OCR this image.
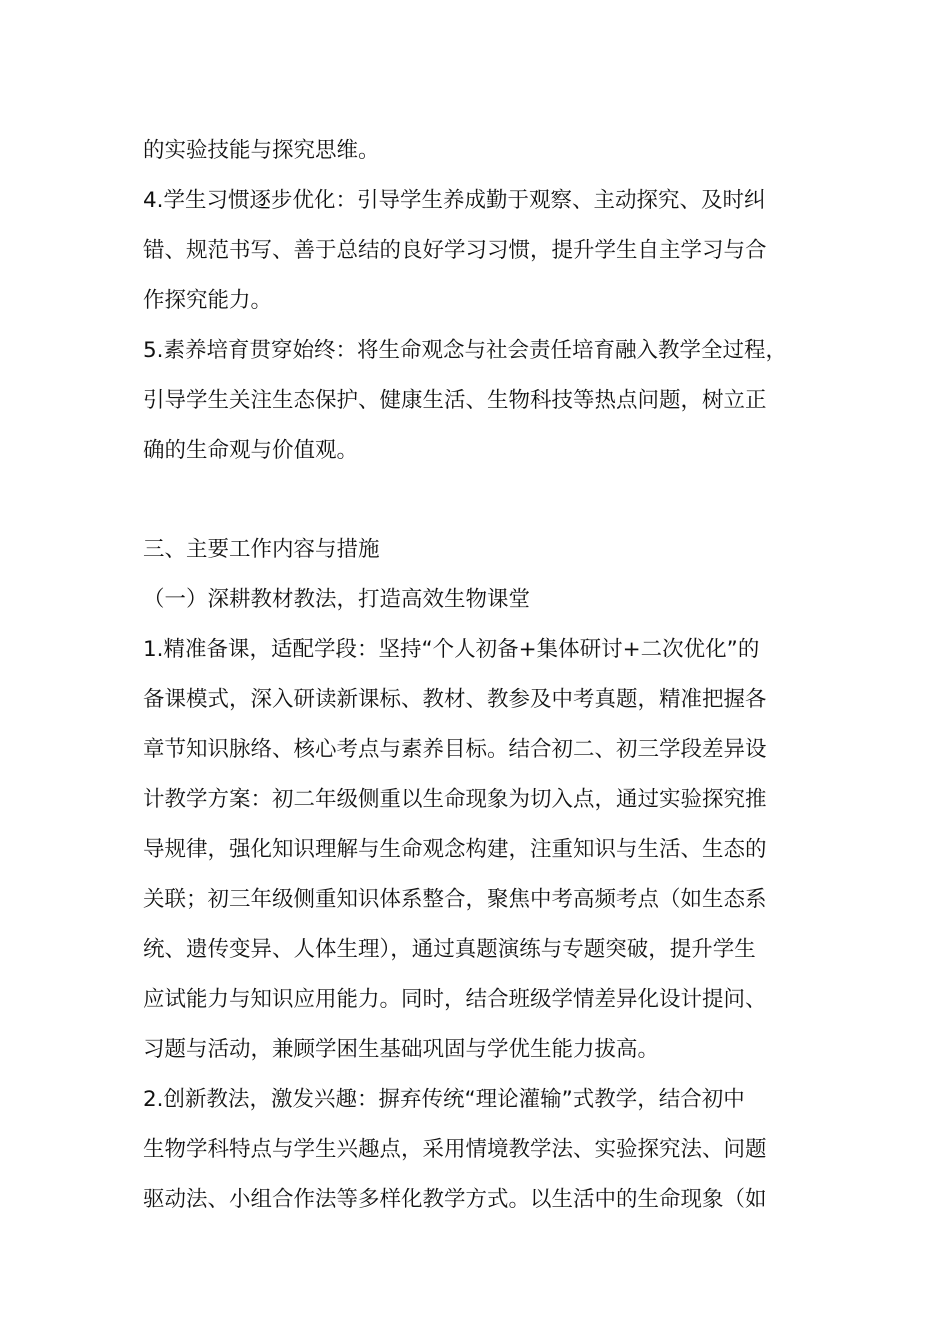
的实验技能与探究思维。
4.学生习惯逐步优化：引导学生养成勤于观察、主动探究、及时纠
错、规范书写、善于总结的良好学习习惯，提升学生自主学习与合
作探究能力。
5.素养培育贯穿始终：将生命观念与社会责任培育融入教学全过程，
引导学生关注生态保护、健康生活、生物科技等热点问题，树立正
确的生命观与价值观。
三、主要工作内容与措施
（一）深耕教材教法，打造高效生物课堂
1.精准备课，适配学段：坚持“个人初备+集体研讨+二次优化”的
备课模式，深入研读新课标、教材、教参及中考真题，精准把握各
章节知识脉络、核心考点与素养目标。结合初二、初三学段差异设
计教学方案：初二年级侧重以生命现象为切入点，通过实验探究推
导规律，强化知识理解与生命观念构建，注重知识与生活、生态的
关联；初三年级侧重知识体系整合，聚焦中考高频考点（如生态系
统、遗传变异、人体生理），通过真题演练与专题突破，提升学生
应试能力与知识应用能力。同时，结合班级学情差异化设计提问、
习题与活动，兼顾学困生基础巩固与学优生能力拔高。
2.创新教法，激发兴趣：摒弃传统“理论灌输”式教学，结合初中
生物学科特点与学生兴趣点，采用情境教学法、实验探究法、问题
驱动法、小组合作法等多样化教学方式。以生活中的生命现象（如
